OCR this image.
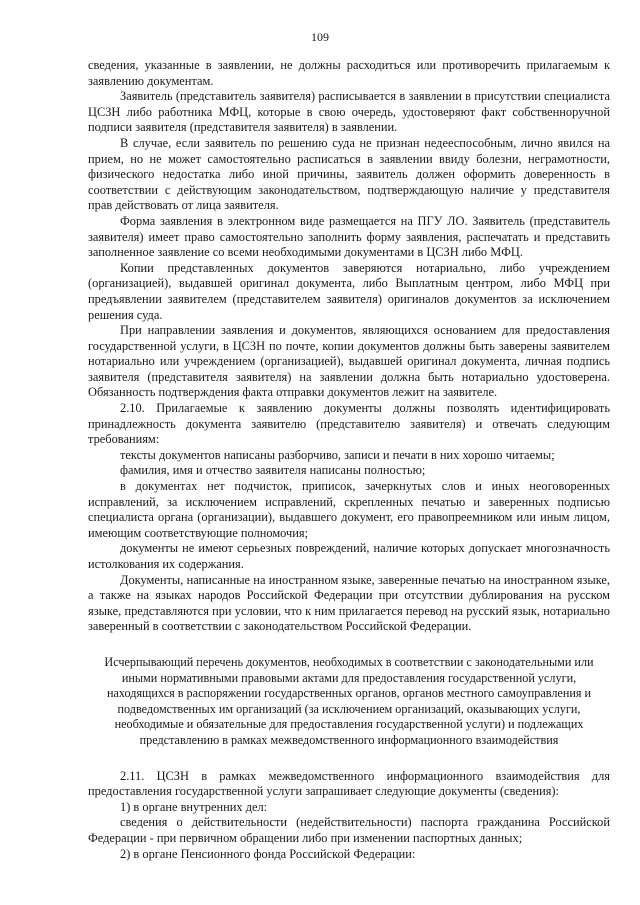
109

сведения, указанные в заявлении, не должны расходиться или противоречить прилагаемым к заявлению документам.

Заявитель (представитель заявителя) расписывается в заявлении в присутствии специалиста ЦСЗН либо работника МФЦ, которые в свою очередь, удостоверяют факт собственноручной подписи заявителя (представителя заявителя) в заявлении.

В случае, если заявитель по решению суда не признан недееспособным, лично явился на прием, но не может самостоятельно расписаться в заявлении ввиду болезни, неграмотности, физического недостатка либо иной причины, заявитель должен оформить доверенность в соответствии с действующим законодательством, подтверждающую наличие у представителя прав действовать от лица заявителя.

Форма заявления в электронном виде размещается на ПГУ ЛО. Заявитель (представитель заявителя) имеет право самостоятельно заполнить форму заявления, распечатать и представить заполненное заявление со всеми необходимыми документами в ЦСЗН либо МФЦ.

Копии представленных документов заверяются нотариально, либо учреждением (организацией), выдавшей оригинал документа, либо Выплатным центром, либо МФЦ при предъявлении заявителем (представителем заявителя) оригиналов документов за исключением решения суда.

При направлении заявления и документов, являющихся основанием для предоставления государственной услуги, в ЦСЗН по почте, копии документов должны быть заверены заявителем нотариально или учреждением (организацией), выдавшей оригинал документа, личная подпись заявителя (представителя заявителя) на заявлении должна быть нотариально удостоверена. Обязанность подтверждения факта отправки документов лежит на заявителе.

2.10. Прилагаемые к заявлению документы должны позволять идентифицировать принадлежность документа заявителю (представителю заявителя) и отвечать следующим требованиям:

тексты документов написаны разборчиво, записи и печати в них хорошо читаемы;

фамилия, имя и отчество заявителя написаны полностью;

в документах нет подчисток, приписок, зачеркнутых слов и иных неоговоренных исправлений, за исключением исправлений, скрепленных печатью и заверенных подписью специалиста органа (организации), выдавшего документ, его правопреемником или иным лицом, имеющим соответствующие полномочия;

документы не имеют серьезных повреждений, наличие которых допускает многозначность истолкования их содержания.

Документы, написанные на иностранном языке, заверенные печатью на иностранном языке, а также на языках народов Российской Федерации при отсутствии дублирования на русском языке, представляются при условии, что к ним прилагается перевод на русский язык, нотариально заверенный в соответствии с законодательством Российской Федерации.

Исчерпывающий перечень документов, необходимых в соответствии с законодательными или иными нормативными правовыми актами для предоставления государственной услуги, находящихся в распоряжении государственных органов, органов местного самоуправления и подведомственных им организаций (за исключением организаций, оказывающих услуги, необходимые и обязательные для предоставления государственной услуги) и подлежащих представлению в рамках межведомственного информационного взаимодействия

2.11. ЦСЗН в рамках межведомственного информационного взаимодействия для предоставления государственной услуги запрашивает следующие документы (сведения):

1) в органе внутренних дел:

сведения о действительности (недействительности) паспорта гражданина Российской Федерации - при первичном обращении либо при изменении паспортных данных;

2) в органе Пенсионного фонда Российской Федерации:
